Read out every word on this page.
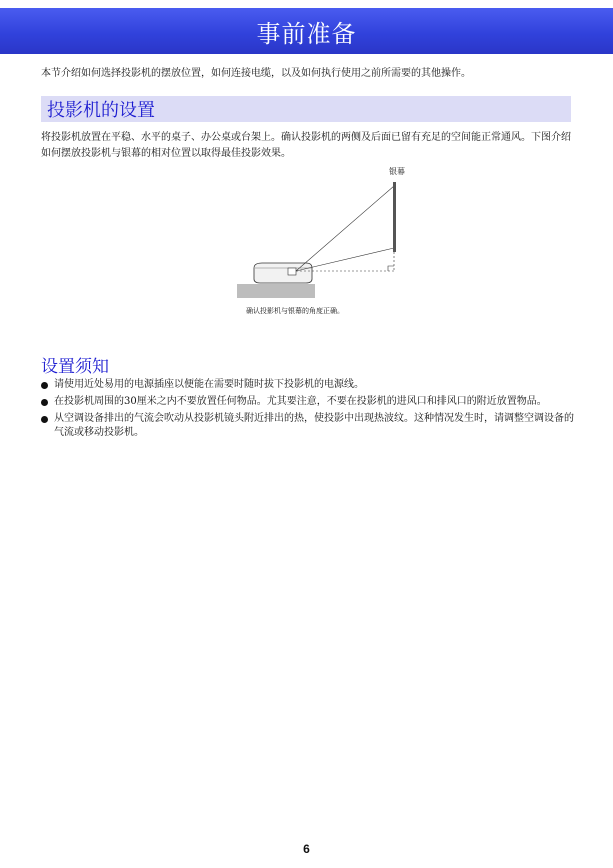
事前准备
本节介绍如何选择投影机的摆放位置，如何连接电缆，以及如何执行使用之前所需要的其他操作。
投影机的设置
将投影机放置在平稳、水平的桌子、办公桌或台架上。确认投影机的两侧及后面已留有充足的空间能正常通风。下图介绍如何摆放投影机与银幕的相对位置以取得最佳投影效果。
银幕
确认投影机与银幕的角度正确。
设置须知
请使用近处易用的电源插座以便能在需要时随时拔下投影机的电源线。
在投影机周围的30厘米之内不要放置任何物品。尤其要注意，不要在投影机的进风口和排风口的附近放置物品。
从空调设备排出的气流会吹动从投影机镜头附近排出的热，使投影中出现热波纹。这种情况发生时，请调整空调设备的气流或移动投影机。
6
